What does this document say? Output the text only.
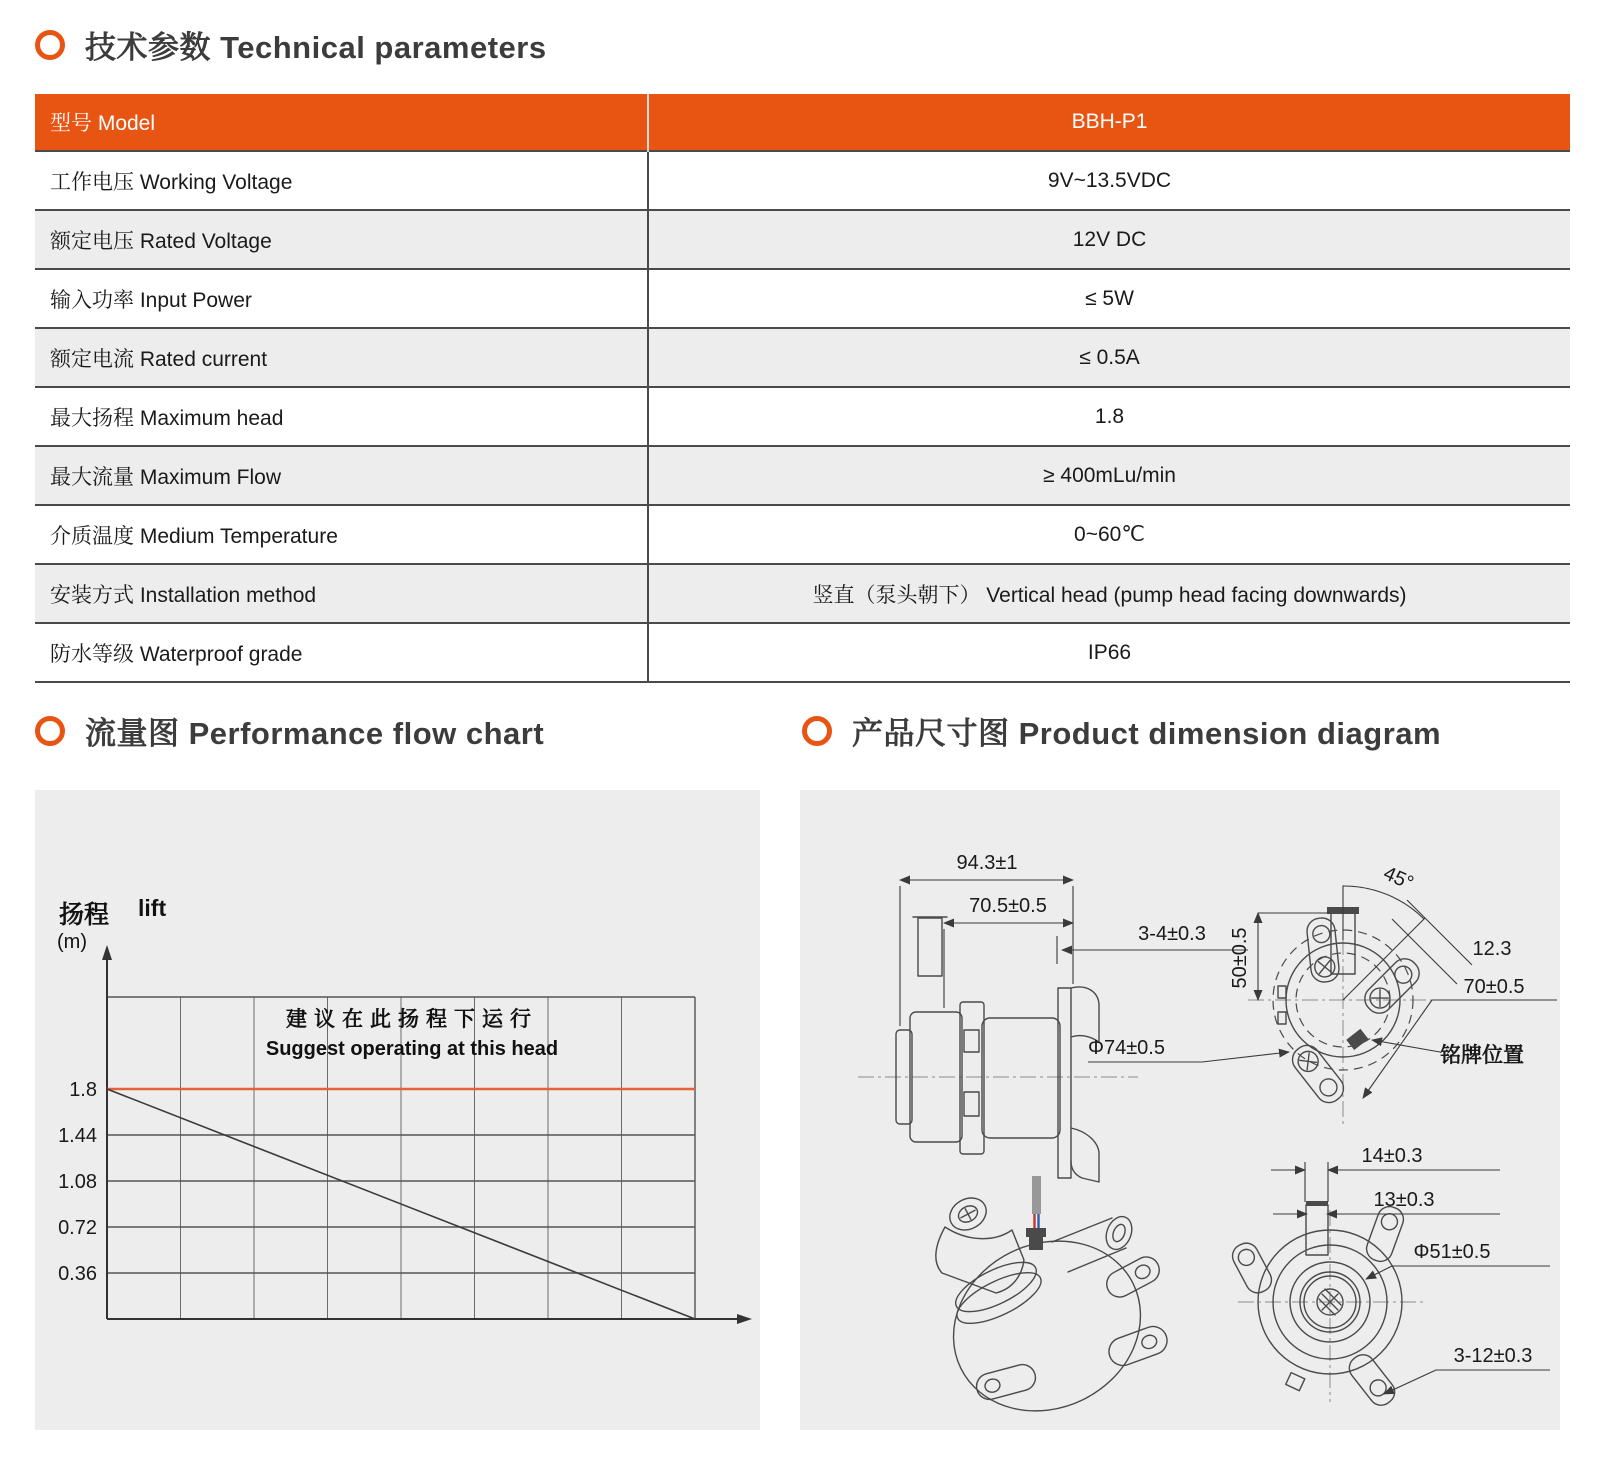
技术参数 Technical parameters
型号 Model	BBH-P1
工作电压 Working Voltage	9V~13.5VDC
额定电压 Rated Voltage	12V DC
输入功率 Input Power	≤ 5W
额定电流 Rated current	≤ 0.5A
最大扬程 Maximum head	1.8
最大流量 Maximum Flow	≥ 400mLu/min
介质温度 Medium Temperature	0~60℃
安装方式 Installation method	竖直（泵头朝下） Vertical head (pump head facing downwards)
防水等级 Waterproof grade	IP66
流量图 Performance flow chart	产品尺寸图 Product dimension diagram
1.8
1.44
1.08
0.72
0.36
扬程 lift
(m)
建议在此扬程下运行
Suggest operating at this head
94.3±1
70.5±0.5
3-4±0.3
45°
12.3
70±0.5
50±0.5
Φ74±0.5	铭牌位置
14±0.3
13±0.3
Φ51±0.5
3-12±0.3
